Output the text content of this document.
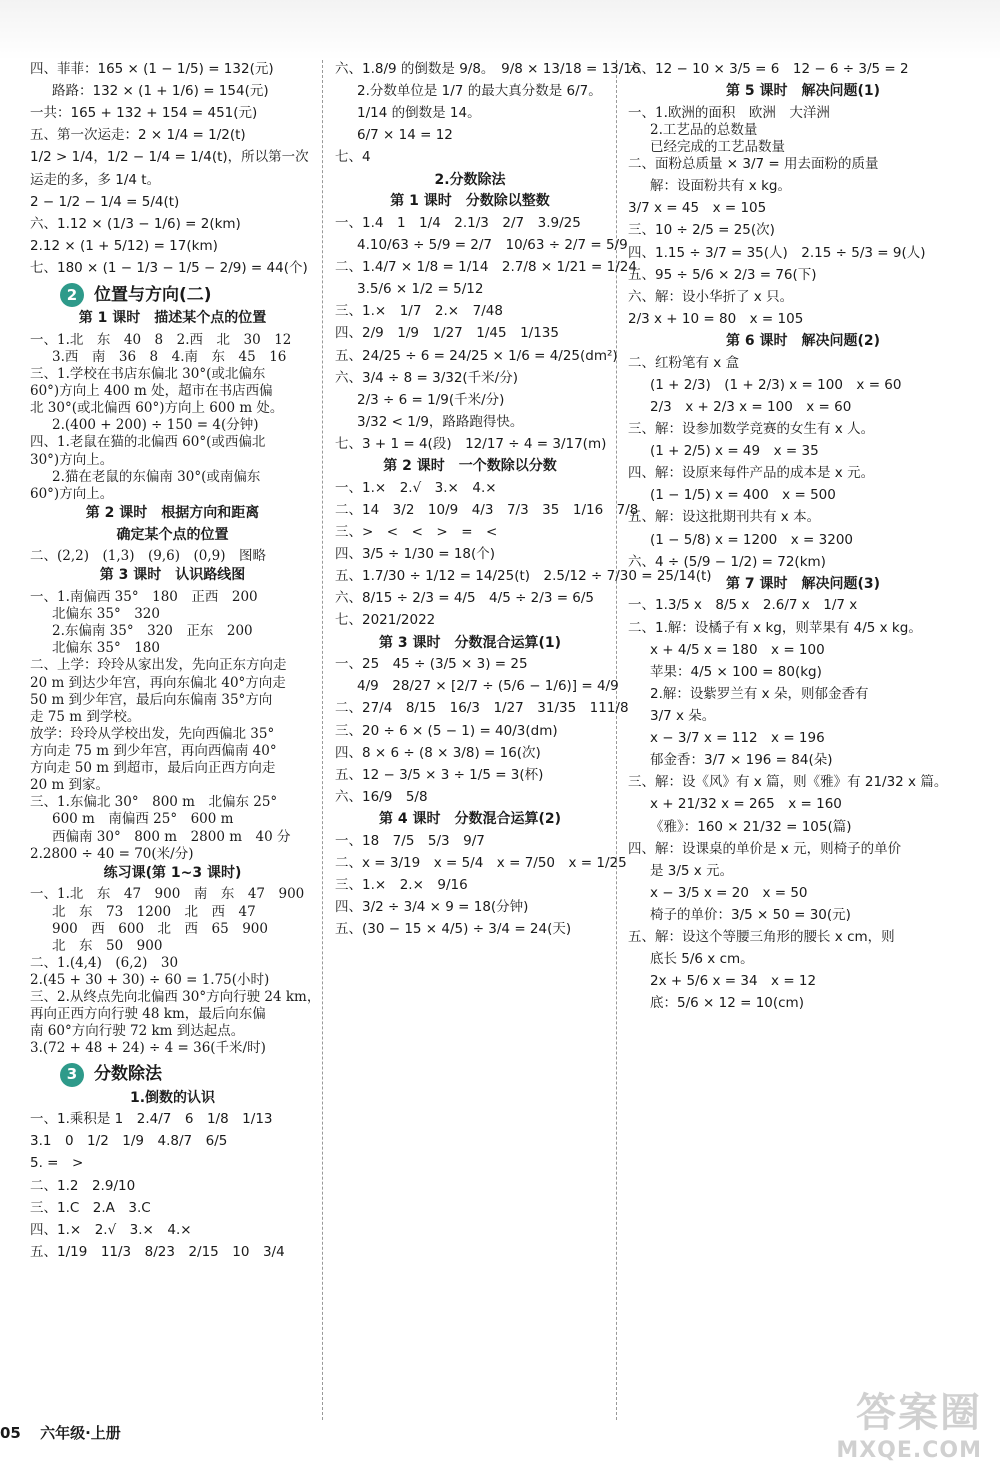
四、菲菲：165 × (1 − 1/5) = 132(元)
路路：132 × (1 + 1/6) = 154(元)
一共：165 + 132 + 154 = 451(元)
五、第一次运走：2 × 1/4 = 1/2(t)
1/2 > 1/4，1/2 − 1/4 = 1/4(t)，所以第一次
运走的多，多 1/4 t。
2 − 1/2 − 1/4 = 5/4(t)
六、1.12 × (1/3 − 1/6) = 2(km)
2.12 × (1 + 5/12) = 17(km)
七、180 × (1 − 1/3 − 1/5 − 2/9) = 44(个)
2 位置与方向(二)
第 1 课时　描述某个点的位置
一、1.北　东　40　8　2.西　北　30　12
3.西　南　36　8　4.南　东　45　16
三、1.学校在书店东偏北 30°(或北偏东
60°)方向上 400 m 处，超市在书店西偏
北 30°(或北偏西 60°)方向上 600 m 处。
2.(400 + 200) ÷ 150 = 4(分钟)
四、1.老鼠在猫的北偏西 60°(或西偏北
30°)方向上。
2.猫在老鼠的东偏南 30°(或南偏东
60°)方向上。
第 2 课时　根据方向和距离
确定某个点的位置
二、(2,2)　(1,3)　(9,6)　(0,9)　图略
第 3 课时　认识路线图
一、1.南偏西 35°　180　正西　200
北偏东 35°　320
2.东偏南 35°　320　正东　200
北偏东 35°　180
二、上学：玲玲从家出发，先向正东方向走
20 m 到达少年宫，再向东偏北 40°方向走
50 m 到少年宫，最后向东偏南 35°方向
走 75 m 到学校。
放学：玲玲从学校出发，先向西偏北 35°
方向走 75 m 到少年宫，再向西偏南 40°
方向走 50 m 到超市，最后向正西方向走
20 m 到家。
三、1.东偏北 30°　800 m　北偏东 25°
600 m　南偏西 25°　600 m
西偏南 30°　800 m　2800 m　40 分
2.2800 ÷ 40 = 70(米/分)
练习课(第 1~3 课时)
一、1.北　东　47　900　南　东　47　900
北　东　73　1200　北　西　47
900　西　600　北　西　65　900
北　东　50　900
二、1.(4,4)　(6,2)　30
2.(45 + 30 + 30) ÷ 60 = 1.75(小时)
三、2.从终点先向北偏西 30°方向行驶 24 km，
再向正西方向行驶 48 km，最后向东偏
南 60°方向行驶 72 km 到达起点。
3.(72 + 48 + 24) ÷ 4 = 36(千米/时)
3 分数除法
1.倒数的认识
一、1.乘积是 1　2.4/7　6　1/8　1/13
3.1　0　1/2　1/9　4.8/7　6/5
5. =　>
二、1.2　2.9/10
三、1.C　2.A　3.C
四、1.×　2.√　3.×　4.×
五、1/19　11/3　8/23　2/15　10　3/4
六、1.8/9 的倒数是 9/8。　9/8 × 13/18 = 13/16
2.分数单位是 1/7 的最大真分数是 6/7。
1/14 的倒数是 14。
6/7 × 14 = 12
七、4
2.分数除法
第 1 课时　分数除以整数
一、1.4　1　1/4　2.1/3　2/7　3.9/25
4.10/63 ÷ 5/9 = 2/7　10/63 ÷ 2/7 = 5/9
二、1.4/7 × 1/8 = 1/14　2.7/8 × 1/21 = 1/24
3.5/6 × 1/2 = 5/12
三、1.×　1/7　2.×　7/48
四、2/9　1/9　1/27　1/45　1/135
五、24/25 ÷ 6 = 24/25 × 1/6 = 4/25(dm²)
六、3/4 ÷ 8 = 3/32(千米/分)
2/3 ÷ 6 = 1/9(千米/分)
3/32 < 1/9，路路跑得快。
七、3 + 1 = 4(段)　12/17 ÷ 4 = 3/17(m)
第 2 课时　一个数除以分数
一、1.×　2.√　3.×　4.×
二、14　3/2　10/9　4/3　7/3　35　1/16　7/8
三、>　<　<　>　=　<
四、3/5 ÷ 1/30 = 18(个)
五、1.7/30 ÷ 1/12 = 14/25(t)　2.5/12 ÷ 7/30 = 25/14(t)
六、8/15 ÷ 2/3 = 4/5　4/5 ÷ 2/3 = 6/5
七、2021/2022
第 3 课时　分数混合运算(1)
一、25　45 ÷ (3/5 × 3) = 25
4/9　28/27 × [2/7 ÷ (5/6 − 1/6)] = 4/9
二、27/4　8/15　16/3　1/27　31/35　111/8
三、20 ÷ 6 × (5 − 1) = 40/3(dm)
四、8 × 6 ÷ (8 × 3/8) = 16(次)
五、12 − 3/5 × 3 ÷ 1/5 = 3(杯)
六、16/9　5/8
第 4 课时　分数混合运算(2)
一、18　7/5　5/3　9/7
二、x = 3/19　x = 5/4　x = 7/50　x = 1/25
三、1.×　2.×　9/16
四、3/2 ÷ 3/4 × 9 = 18(分钟)
五、(30 − 15 × 4/5) ÷ 3/4 = 24(天)
六、12 − 10 × 3/5 = 6　12 − 6 ÷ 3/5 = 2
第 5 课时　解决问题(1)
一、1.欧洲的面积　欧洲　大洋洲
2.工艺品的总数量
已经完成的工艺品数量
二、面粉总质量 × 3/7 = 用去面粉的质量
解：设面粉共有 x kg。
3/7 x = 45　x = 105
三、10 ÷ 2/5 = 25(次)
四、1.15 ÷ 3/7 = 35(人)　2.15 ÷ 5/3 = 9(人)
五、95 ÷ 5/6 × 2/3 = 76(下)
六、解：设小华折了 x 只。
2/3 x + 10 = 80　x = 105
第 6 课时　解决问题(2)
二、红粉笔有 x 盒
(1 + 2/3)　(1 + 2/3) x = 100　x = 60
2/3　x + 2/3 x = 100　x = 60
三、解：设参加数学竞赛的女生有 x 人。
(1 + 2/5) x = 49　x = 35
四、解：设原来每件产品的成本是 x 元。
(1 − 1/5) x = 400　x = 500
五、解：设这批期刊共有 x 本。
(1 − 5/8) x = 1200　x = 3200
六、4 ÷ (5/9 − 1/2) = 72(km)
第 7 课时　解决问题(3)
一、1.3/5 x　8/5 x　2.6/7 x　1/7 x
二、1.解：设橘子有 x kg，则苹果有 4/5 x kg。
x + 4/5 x = 180　x = 100
苹果：4/5 × 100 = 80(kg)
2.解：设紫罗兰有 x 朵，则郁金香有
3/7 x 朵。
x − 3/7 x = 112　x = 196
郁金香：3/7 × 196 = 84(朵)
三、解：设《风》有 x 篇，则《雅》有 21/32 x 篇。
x + 21/32 x = 265　x = 160
《雅》：160 × 21/32 = 105(篇)
四、解：设课桌的单价是 x 元，则椅子的单价
是 3/5 x 元。
x − 3/5 x = 20　x = 50
椅子的单价：3/5 × 50 = 30(元)
五、解：设这个等腰三角形的腰长 x cm，则
底长 5/6 x cm。
2x + 5/6 x = 34　x = 12
底：5/6 × 12 = 10(cm)
05 六年级·上册	答案圈
MXQE.COM
